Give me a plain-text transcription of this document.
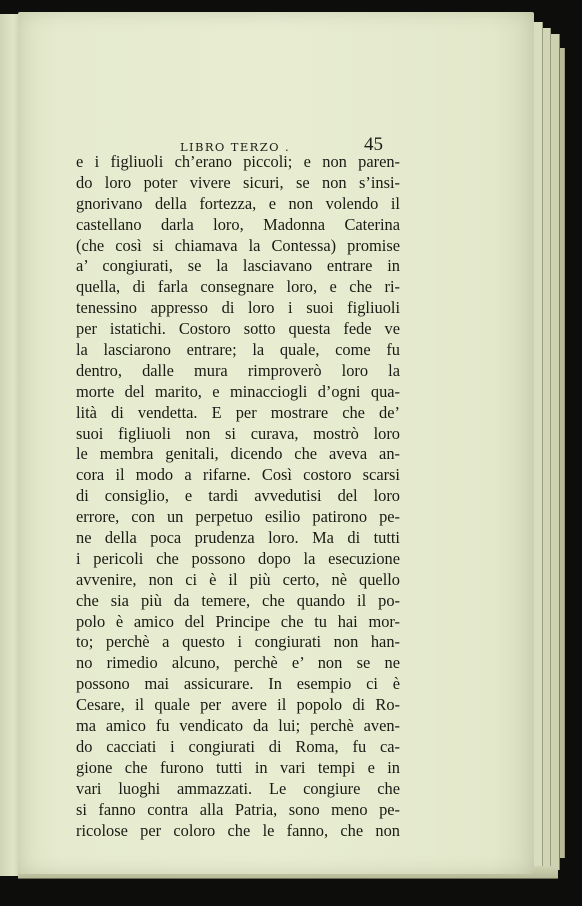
LIBRO TERZO .	45
e i figliuoli ch’erano piccoli; e non paren-
do loro poter vivere sicuri, se non s’insi-
gnorivano della fortezza, e non volendo il
castellano darla loro, Madonna Caterina
(che così si chiamava la Contessa) promise
a’ congiurati, se la lasciavano entrare in
quella, di farla consegnare loro, e che ri-
tenessino appresso di loro i suoi figliuoli
per istatichi. Costoro sotto questa fede ve
la lasciarono entrare; la quale, come fu
dentro, dalle mura rimproverò loro la
morte del marito, e minacciogli d’ogni qua-
lità di vendetta. E per mostrare che de’
suoi figliuoli non si curava, mostrò loro
le membra genitali, dicendo che aveva an-
cora il modo a rifarne. Così costoro scarsi
di consiglio, e tardi avvedutisi del loro
errore, con un perpetuo esilio patirono pe-
ne della poca prudenza loro. Ma di tutti
i pericoli che possono dopo la esecuzione
avvenire, non ci è il più certo, nè quello
che sia più da temere, che quando il po-
polo è amico del Principe che tu hai mor-
to; perchè a questo i congiurati non han-
no rimedio alcuno, perchè e’ non se ne
possono mai assicurare. In esempio ci è
Cesare, il quale per avere il popolo di Ro-
ma amico fu vendicato da lui; perchè aven-
do cacciati i congiurati di Roma, fu ca-
gione che furono tutti in vari tempi e in
vari luoghi ammazzati. Le congiure che
si fanno contra alla Patria, sono meno pe-
ricolose per coloro che le fanno, che non
